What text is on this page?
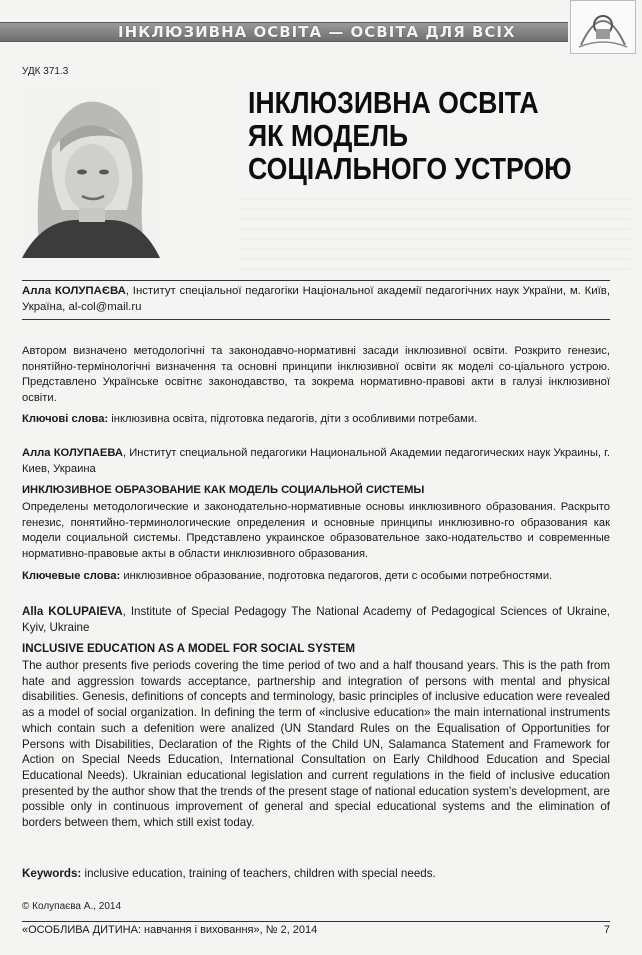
ІНКЛЮЗИВНА ОСВІТА — ОСВІТА ДЛЯ ВСІХ
УДК 371.3
ІНКЛЮЗИВНА ОСВІТА
ЯК МОДЕЛЬ
СОЦІАЛЬНОГО УСТРОЮ
Алла КОЛУПАЄВА, Інститут спеціальної педагогіки Національної академії педагогічних наук України, м. Київ, Україна, al-col@mail.ru
Автором визначено методологічні та законодавчо-нормативні засади інклюзивної освіти. Розкрито генезис, понятійно-термінологічні визначення та основні принципи інклюзивної освіти як моделі со-ціального устрою. Представлено Українське освітнє законодавство, та зокрема нормативно-правові акти в галузі інклюзивної освіти.
Ключові слова: інклюзивна освіта, підготовка педагогів, діти з особливими потребами.
Алла КОЛУПАЕВА, Институт специальной педагогики Национальной Академии педагогических наук Украины, г. Киев, Украина
ИНКЛЮЗИВНОЕ ОБРАЗОВАНИЕ КАК МОДЕЛЬ СОЦИАЛЬНОЙ СИСТЕМЫ
Определены методологические и законодательно-нормативные основы инклюзивного образования. Раскрыто генезис, понятийно-терминологические определения и основные принципы инклюзивно-го образования как модели социальной системы. Представлено украинское образовательное зако-нодательство и современные нормативно-правовые акты в области инклюзивного образования.
Ключевые слова: инклюзивное образование, подготовка педагогов, дети с особыми потребностями.
Alla KOLUPAIEVA, Institute of Special Pedagogy The National Academy of Pedagogical Sciences of Ukraine, Kyiv, Ukraine
INCLUSIVE EDUCATION AS A MODEL FOR SOCIAL SYSTEM
The author presents five periods covering the time period of two and a half thousand years. This is the path from hate and aggression towards acceptance, partnership and integration of persons with mental and physical disabilities. Genesis, definitions of concepts and terminology, basic principles of inclusive education were revealed as a model of social organization. In defining the term of «inclusive education» the main international instruments which contain such a defenition were analized (UN Standard Rules on the Equalisation of Opportunities for Persons with Disabilities, Declaration of the Rights of the Child UN, Salamanca Statement and Framework for Action on Special Needs Education, International Consultation on Early Childhood Education and Special Educational Needs). Ukrainian educational legislation and current regulations in the field of inclusive education presented by the author show that the trends of the present stage of national education system's development, are possible only in continuous improvement of general and special educational systems and the elimination of borders between them, which still exist today.
Keywords: inclusive education, training of teachers, children with special needs.
© Колупаєва А., 2014
«ОСОБЛИВА ДИТИНА: навчання і виховання», № 2, 2014	7
